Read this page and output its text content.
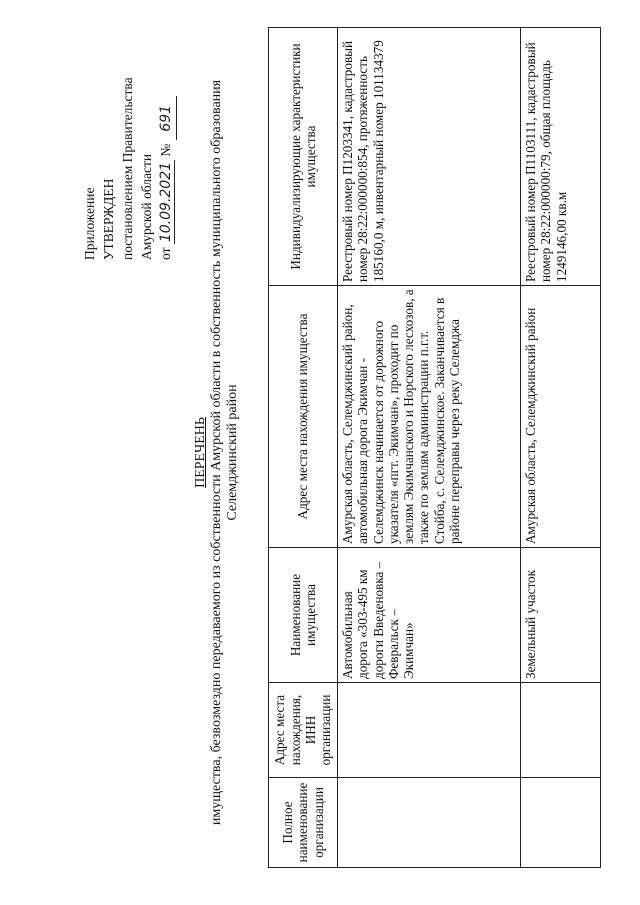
Приложение УТВЕРЖДЕН постановлением Правительства Амурской области от 10.09.2021 № 691
ПЕРЕЧЕНЬ имущества, безвозмездно передаваемого из собственности Амурской области в собственность муниципального образования Селемджинский район
Полное наименование организации	Адрес места нахождения, ИНН организации	Наименование имущества	Адрес места нахождения имущества	Индивидуализирующие характеристики имущества
		Автомобильная дорога «303-495 км дороги Введеновка – Февральск – Экимчан»	Амурская область, Селемджинский район, автомобильная дорога Экимчан - Селемджинск начинается от дорожного указателя «пгт. Экимчан», проходит по землям Экимчанского и Норского лесхозов, а также по землям администрации п.г.т. Стойба, с. Селемджинское. Заканчивается в районе переправы через реку Селемджа	Реестровый номер П1203341, кадастровый номер 28:22:000000:854, протяженность 185160,0 м, инвентарный номер 101134379
		Земельный участок	Амурская область, Селемджинский район	Реестровый номер П1103111, кадастровый номер 28:22:000000:79, общая площадь 1249146,00 кв.м
